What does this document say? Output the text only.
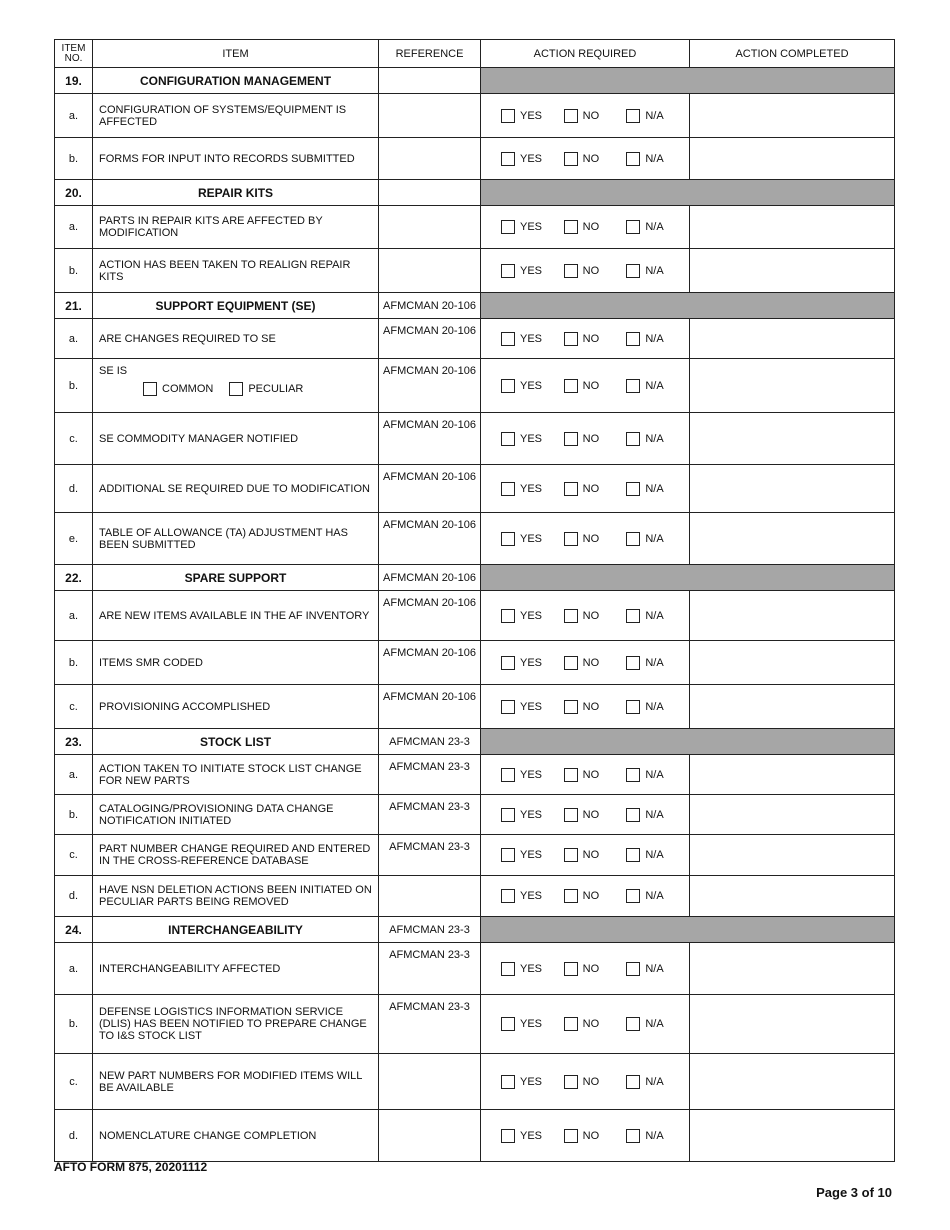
ITEM NO.	ITEM	REFERENCE	ACTION REQUIRED	ACTION COMPLETED
19.	CONFIGURATION MANAGEMENT			
a.	CONFIGURATION OF SYSTEMS/EQUIPMENT IS AFFECTED		YES NO N/A	

b.	FORMS FOR INPUT INTO RECORDS SUBMITTED		YES NO N/A	

20.	REPAIR KITS			
a.	PARTS IN REPAIR KITS ARE AFFECTED BY MODIFICATION		YES NO N/A	

b.	ACTION HAS BEEN TAKEN TO REALIGN REPAIR KITS		YES NO N/A	

21.	SUPPORT EQUIPMENT (SE)	AFMCMAN 20-106		
a.	ARE CHANGES REQUIRED TO SE	AFMCMAN 20-106	YES NO N/A	

b.	SE IS
COMMON PECULIAR	AFMCMAN 20-106	YES NO N/A	

c.	SE COMMODITY MANAGER NOTIFIED	AFMCMAN 20-106	YES NO N/A	

d.	ADDITIONAL SE REQUIRED DUE TO MODIFICATION	AFMCMAN 20-106	YES NO N/A	

e.	TABLE OF ALLOWANCE (TA) ADJUSTMENT HAS BEEN SUBMITTED	AFMCMAN 20-106	YES NO N/A	

22.	SPARE SUPPORT	AFMCMAN 20-106		
a.	ARE NEW ITEMS AVAILABLE IN THE AF INVENTORY	AFMCMAN 20-106	YES NO N/A	

b.	ITEMS SMR CODED	AFMCMAN 20-106	YES NO N/A	

c.	PROVISIONING ACCOMPLISHED	AFMCMAN 20-106	YES NO N/A	

23.	STOCK LIST	AFMCMAN 23-3		
a.	ACTION TAKEN TO INITIATE STOCK LIST CHANGE FOR NEW PARTS	AFMCMAN 23-3	YES NO N/A	

b.	CATALOGING/PROVISIONING DATA CHANGE NOTIFICATION INITIATED	AFMCMAN 23-3	YES NO N/A	

c.	PART NUMBER CHANGE REQUIRED AND ENTERED IN THE CROSS-REFERENCE DATABASE	AFMCMAN 23-3	YES NO N/A	

d.	HAVE NSN DELETION ACTIONS BEEN INITIATED ON PECULIAR PARTS BEING REMOVED		YES NO N/A	

24.	INTERCHANGEABILITY	AFMCMAN 23-3		
a.	INTERCHANGEABILITY AFFECTED	AFMCMAN 23-3	YES NO N/A	

b.	DEFENSE LOGISTICS INFORMATION SERVICE (DLIS) HAS BEEN NOTIFIED TO PREPARE CHANGE TO I&S STOCK LIST	AFMCMAN 23-3	YES NO N/A	

c.	NEW PART NUMBERS FOR MODIFIED ITEMS WILL BE AVAILABLE		YES NO N/A	

d.	NOMENCLATURE CHANGE COMPLETION		YES NO N/A	

AFTO FORM 875, 20201112
Page 3 of 10
